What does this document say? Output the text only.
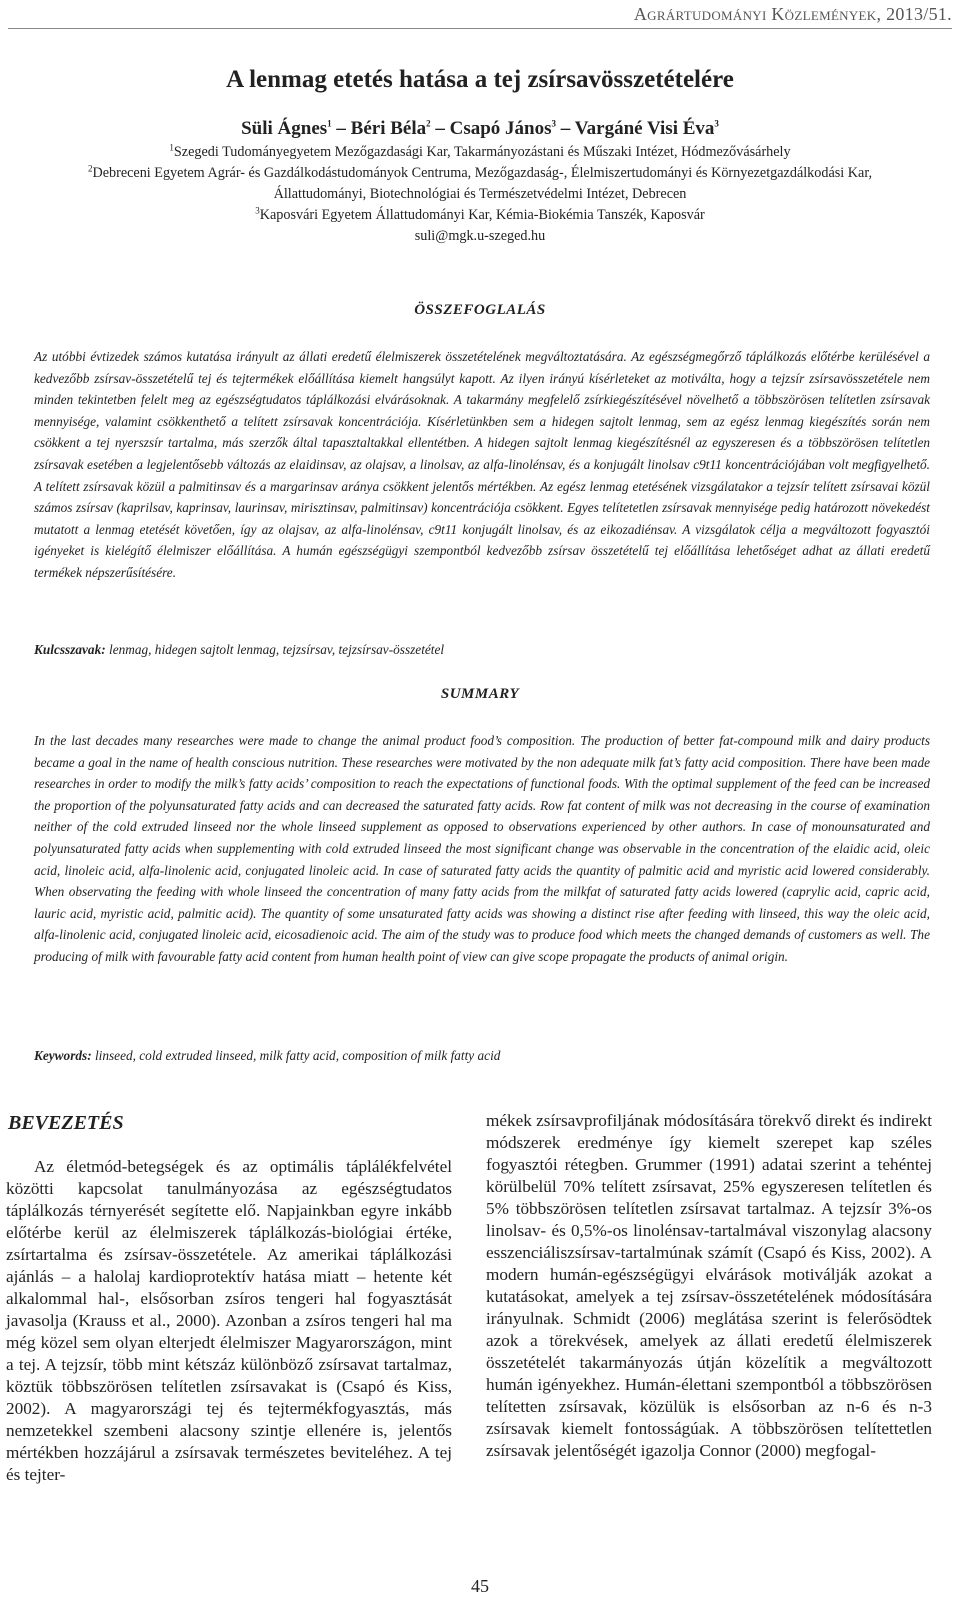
Agrártudományi Közlemények, 2013/51.
A lenmag etetés hatása a tej zsírsavösszetételére
Süli Ágnes$^1$ – Béri Béla$^2$ – Csapó János$^3$ – Vargáné Visi Éva$^3$
$^1$Szegedi Tudományegyetem Mezőgazdasági Kar, Takarmányozástani és Műszaki Intézet, Hódmezővásárhely
$^2$Debreceni Egyetem Agrár- és Gazdálkodástudományok Centruma, Mezőgazdaság-, Élelmiszertudományi és Környezetgazdálkodási Kar,
Állattudományi, Biotechnológiai és Természetvédelmi Intézet, Debrecen
$^3$Kaposvári Egyetem Állattudományi Kar, Kémia-Biokémia Tanszék, Kaposvár
suli@mgk.u-szeged.hu
ÖSSZEFOGLALÁS

Az utóbbi évtizedek számos kutatása irányult az állati eredetű élelmiszerek összetételének megváltoztatására. Az egészségmegőrző táplálkozás előtérbe kerülésével a kedvezőbb zsírsav-összetételű tej és tejtermékek előállítása kiemelt hangsúlyt kapott. Az ilyen irányú kísérleteket az motiválta, hogy a tejzsír zsírsavösszetétele nem minden tekintetben felelt meg az egészségtudatos táplálkozási elvárásoknak. A takarmány megfelelő zsírkiegészítésével növelhető a többszörösen telítetlen zsírsavak mennyisége, valamint csökkenthető a telített zsírsavak koncentrációja. Kísérletünkben sem a hidegen sajtolt lenmag, sem az egész lenmag kiegészítés során nem csökkent a tej nyerszsír tartalma, más szerzők által tapasztaltakkal ellentétben. A hidegen sajtolt lenmag kiegészítésnél az egyszeresen és a többszörösen telítetlen zsírsavak esetében a legjelentősebb változás az elaidinsav, az olajsav, a linolsav, az alfa-linolénsav, és a konjugált linolsav c9t11 koncentrációjában volt megfigyelhető. A telített zsírsavak közül a palmitinsav és a margarinsav aránya csökkent jelentős mértékben. Az egész lenmag etetésének vizsgálatakor a tejzsír telített zsírsavai közül számos zsírsav (kaprilsav, kaprinsav, laurinsav, mirisztinsav, palmitinsav) koncentrációja csökkent. Egyes telítetetlen zsírsavak mennyisége pedig határozott növekedést mutatott a lenmag etetését követően, így az olajsav, az alfa-linolénsav, c9t11 konjugált linolsav, és az eikozadiénsav. A vizsgálatok célja a megváltozott fogyasztói igényeket is kielégítő élelmiszer előállítása. A humán egészségügyi szempontból kedvezőbb zsírsav összetételű tej előállítása lehetőséget adhat az állati eredetű termékek népszerűsítésére.

Kulcsszavak: lenmag, hidegen sajtolt lenmag, tejzsírsav, tejzsírsav-összetétel
SUMMARY

In the last decades many researches were made to change the animal product food’s composition. The production of better fat-compound milk and dairy products became a goal in the name of health conscious nutrition. These researches were motivated by the non adequate milk fat’s fatty acid composition. There have been made researches in order to modify the milk’s fatty acids’ composition to reach the expectations of functional foods. With the optimal supplement of the feed can be increased the proportion of the polyunsaturated fatty acids and can decreased the saturated fatty acids. Row fat content of milk was not decreasing in the course of examination neither of the cold extruded linseed nor the whole linseed supplement as opposed to observations experienced by other authors. In case of monounsaturated and polyunsaturated fatty acids when supplementing with cold extruded linseed the most significant change was observable in the concentration of the elaidic acid, oleic acid, linoleic acid, alfa-linolenic acid, conjugated linoleic acid. In case of saturated fatty acids the quantity of palmitic acid and myristic acid lowered considerably. When observating the feeding with whole linseed the concentration of many fatty acids from the milkfat of saturated fatty acids lowered (caprylic acid, capric acid, lauric acid, myristic acid, palmitic acid). The quantity of some unsaturated fatty acids was showing a distinct rise after feeding with linseed, this way the oleic acid, alfa-linolenic acid, conjugated linoleic acid, eicosadienoic acid. The aim of the study was to produce food which meets the changed demands of customers as well. The producing of milk with favourable fatty acid content from human health point of view can give scope propagate the products of animal origin.

Keywords: linseed, cold extruded linseed, milk fatty acid, composition of milk fatty acid
BEVEZETÉS

Az életmód-betegségek és az optimális táplálékfelvétel közötti kapcsolat tanulmányozása az egészségtudatos táplálkozás térnyerését segítette elő. Napjainkban egyre inkább előtérbe kerül az élelmiszerek táplálkozás-biológiai értéke, zsírtartalma és zsírsav-összetétele. Az amerikai táplálkozási ajánlás – a halolaj kardioprotektív hatása miatt – hetente két alkalommal hal-, elsősorban zsíros tengeri hal fogyasztását javasolja (Krauss et al., 2000). Azonban a zsíros tengeri hal ma még közel sem olyan elterjedt élelmiszer Magyarországon, mint a tej. A tejzsír, több mint kétszáz különböző zsírsavat tartalmaz, köztük többszörösen telítetlen zsírsavakat is (Csapó és Kiss, 2002). A magyarországi tej és tejtermékfogyasztás, más nemzetekkel szembeni alacsony szintje ellenére is, jelentős mértékben hozzájárul a zsírsavak természetes beviteléhez. A tej és tejter-

mékek zsírsavprofiljának módosítására törekvő direkt és indirekt módszerek eredménye így kiemelt szerepet kap széles fogyasztói rétegben. Grummer (1991) adatai szerint a tehéntej körülbelül 70% telített zsírsavat, 25% egyszeresen telítetlen és 5% többszörösen telítetlen zsírsavat tartalmaz. A tejzsír 3%-os linolsav- és 0,5%-os linolénsav-tartalmával viszonylag alacsony esszenciáliszsírsav-tartalmúnak számít (Csapó és Kiss, 2002). A modern humán-egészségügyi elvárások motiválják azokat a kutatásokat, amelyek a tej zsírsav-összetételének módosítására irányulnak. Schmidt (2006) meglátása szerint is felerősödtek azok a törekvések, amelyek az állati eredetű élelmiszerek összetételét takarmányozás útján közelítik a megváltozott humán igényekhez. Humán-élettani szempontból a többszörösen telítetten zsírsavak, közülük is elsősorban az n-6 és n-3 zsírsavak kiemelt fontosságúak. A többszörösen telítettetlen zsírsavak jelentőségét igazolja Connor (2000) megfogal-

45
